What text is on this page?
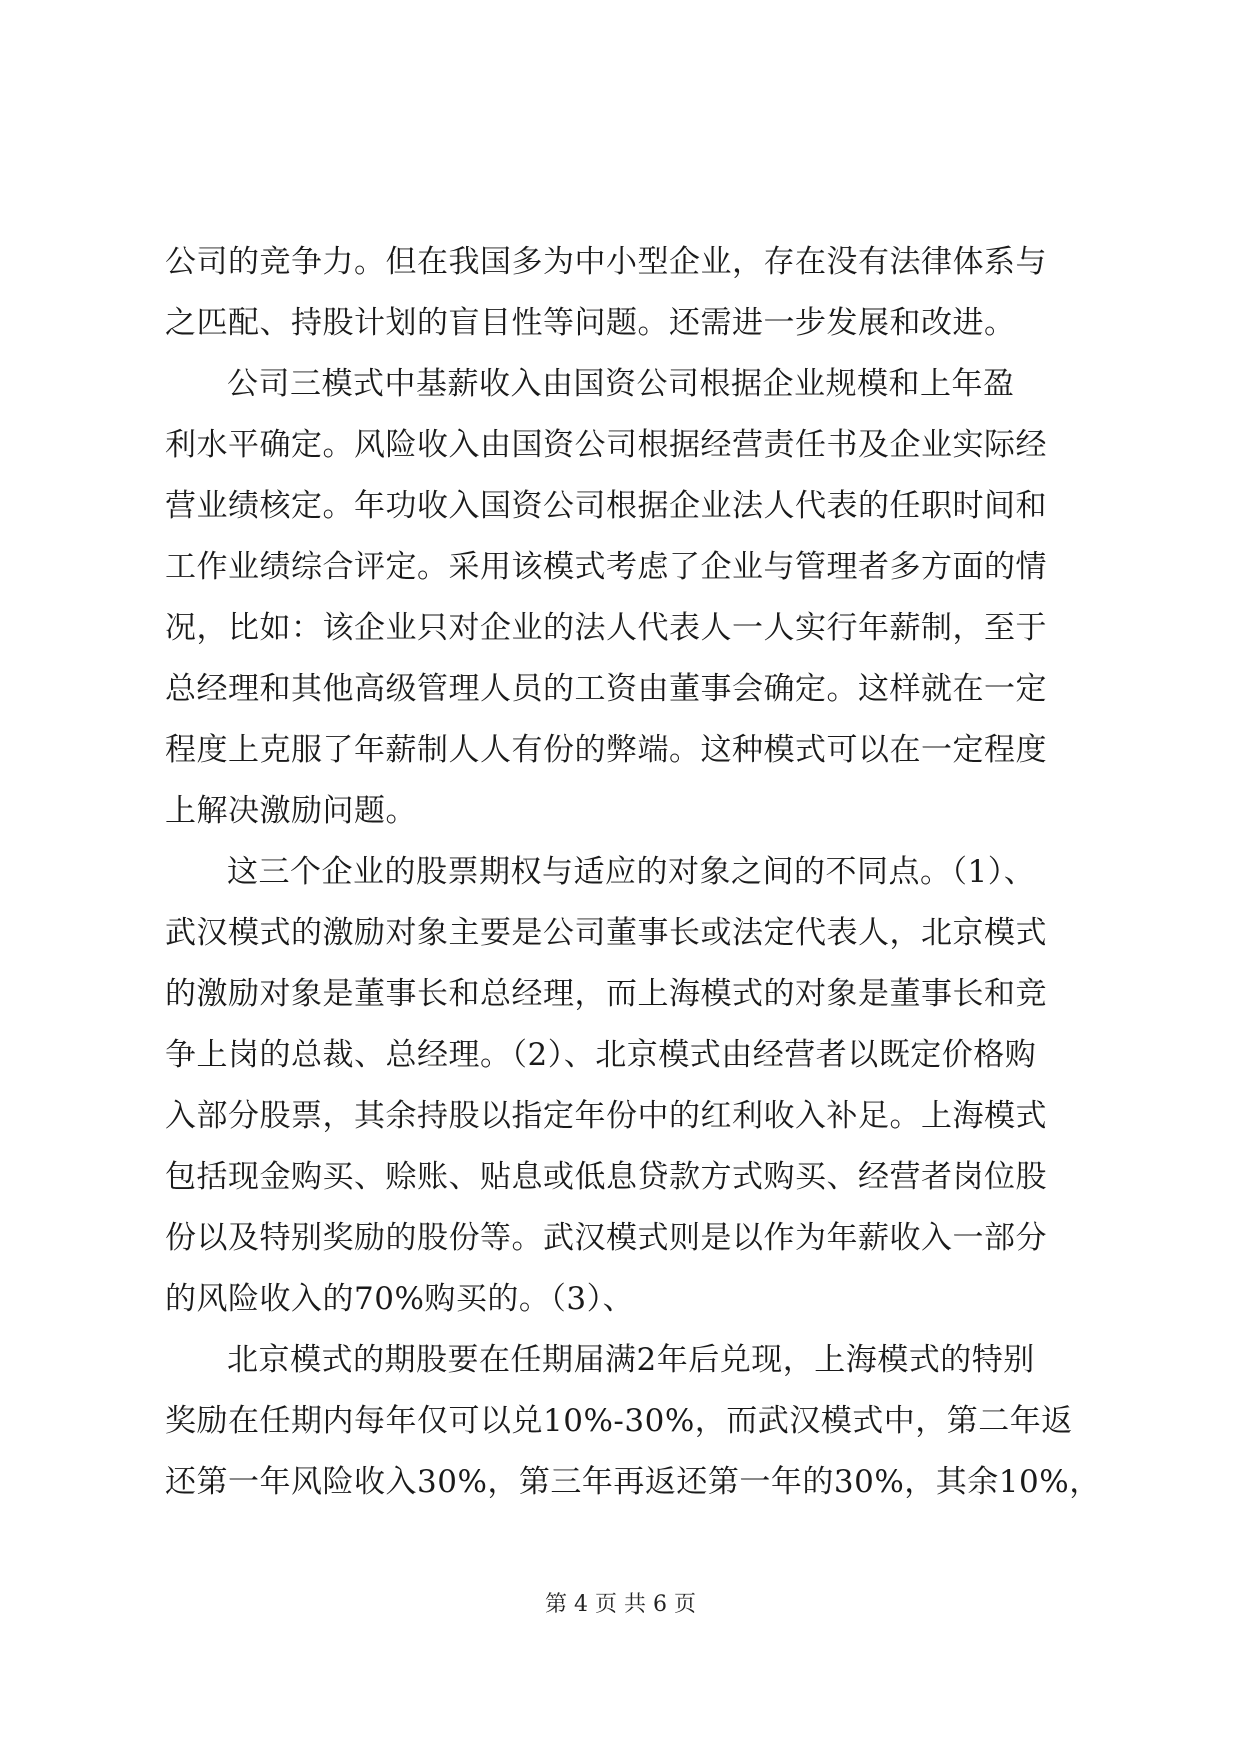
公司的竞争力。但在我国多为中小型企业，存在没有法律体系与
之匹配、持股计划的盲目性等问题。还需进一步发展和改进。
公司三模式中基薪收入由国资公司根据企业规模和上年盈
利水平确定。风险收入由国资公司根据经营责任书及企业实际经
营业绩核定。年功收入国资公司根据企业法人代表的任职时间和
工作业绩综合评定。采用该模式考虑了企业与管理者多方面的情
况，比如：该企业只对企业的法人代表人一人实行年薪制，至于
总经理和其他高级管理人员的工资由董事会确定。这样就在一定
程度上克服了年薪制人人有份的弊端。这种模式可以在一定程度
上解决激励问题。
这三个企业的股票期权与适应的对象之间的不同点。（1）、
武汉模式的激励对象主要是公司董事长或法定代表人，北京模式
的激励对象是董事长和总经理，而上海模式的对象是董事长和竞
争上岗的总裁、总经理。（2）、北京模式由经营者以既定价格购
入部分股票，其余持股以指定年份中的红利收入补足。上海模式
包括现金购买、赊账、贴息或低息贷款方式购买、经营者岗位股
份以及特别奖励的股份等。武汉模式则是以作为年薪收入一部分
的风险收入的70%购买的。（3）、
北京模式的期股要在任期届满2年后兑现，上海模式的特别
奖励在任期内每年仅可以兑10%-30%，而武汉模式中，第二年返
还第一年风险收入30%，第三年再返还第一年的30%，其余10%，
第 4 页 共 6 页
